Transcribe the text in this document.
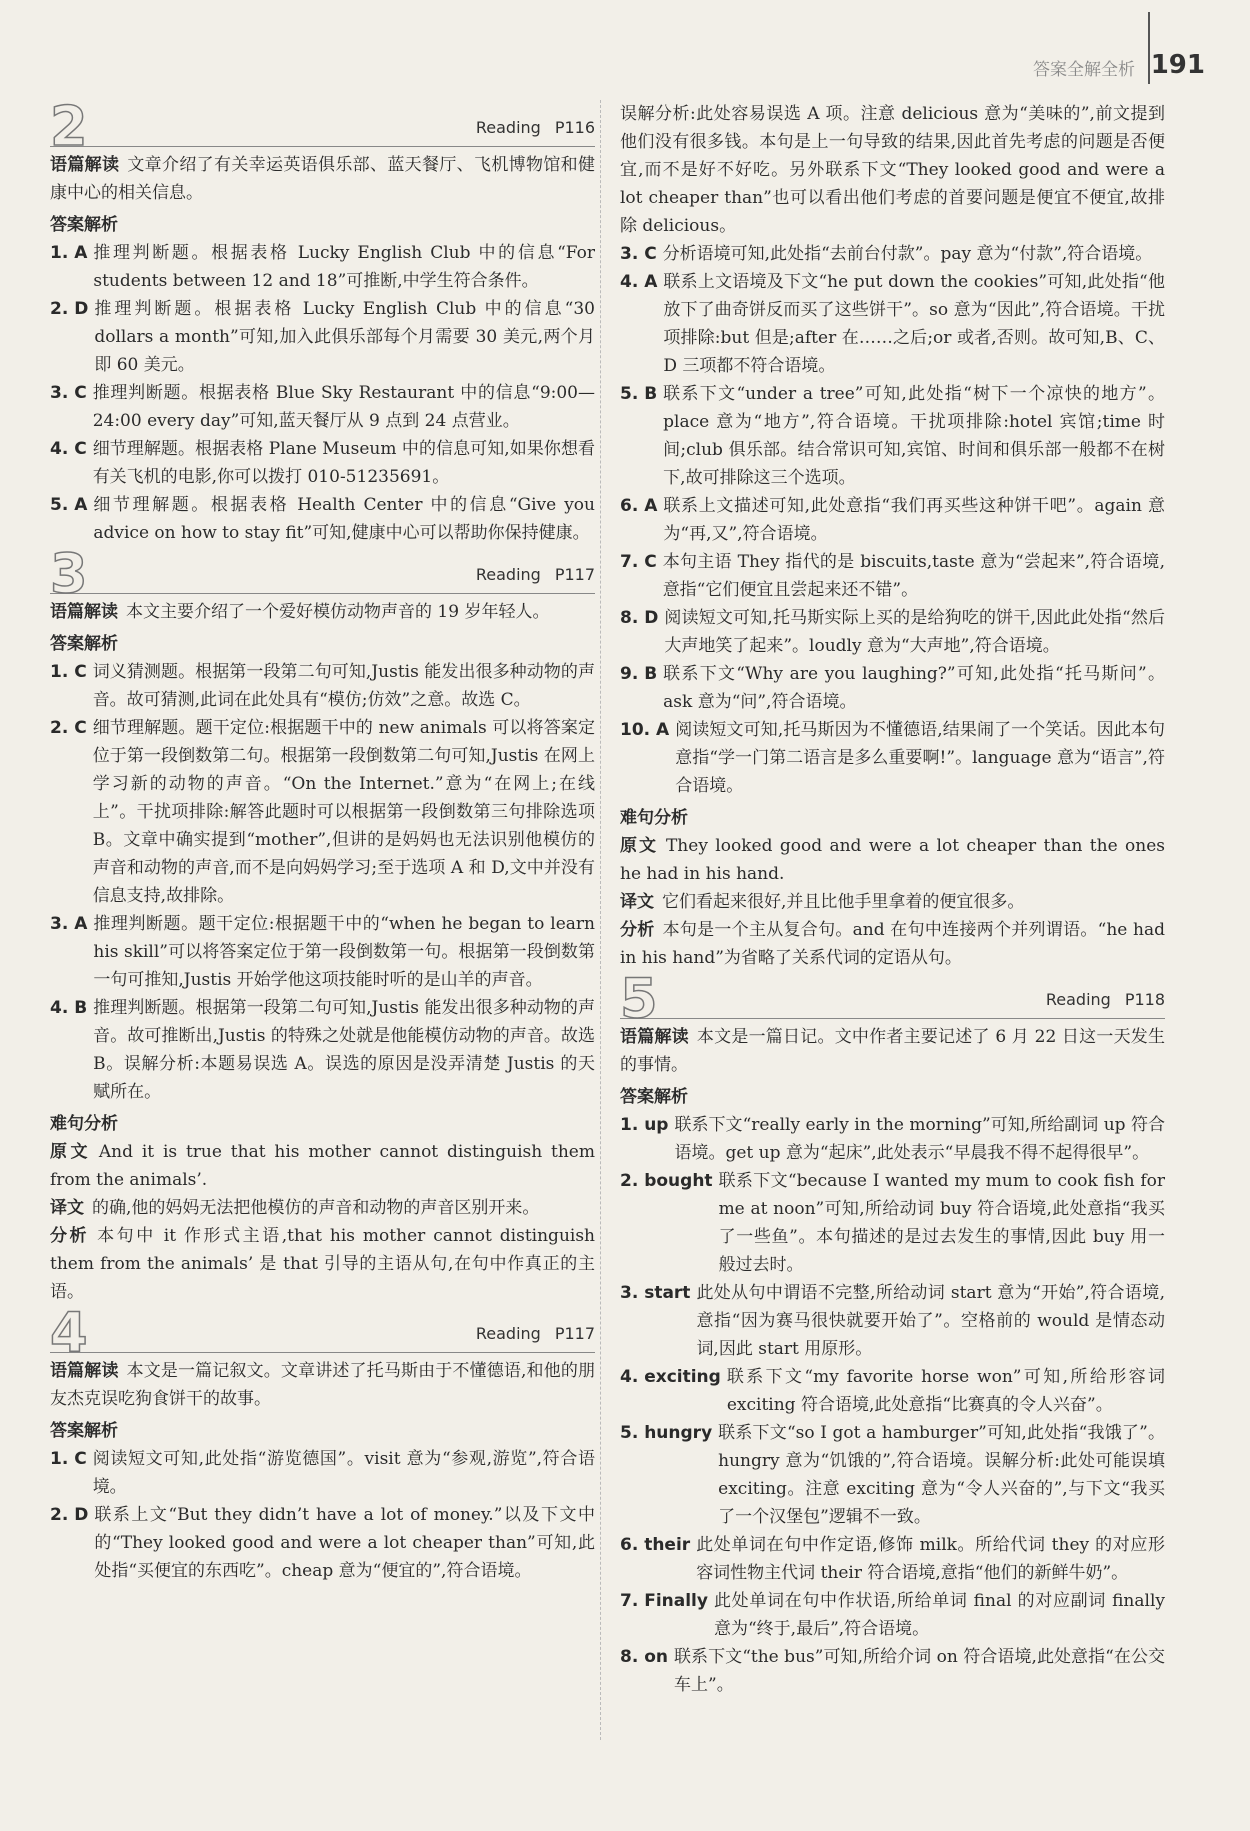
答案全解全析 191
2	Reading P116
语篇解读 文章介绍了有关幸运英语俱乐部、蓝天餐厅、飞机博物馆和健康中心的相关信息。
答案解析
1. A 推理判断题。根据表格 Lucky English Club 中的信息“For students between 12 and 18”可推断,中学生符合条件。
2. D 推理判断题。根据表格 Lucky English Club 中的信息“30 dollars a month”可知,加入此俱乐部每个月需要 30 美元,两个月即 60 美元。
3. C 推理判断题。根据表格 Blue Sky Restaurant 中的信息“9:00—24:00 every day”可知,蓝天餐厅从 9 点到 24 点营业。
4. C 细节理解题。根据表格 Plane Museum 中的信息可知,如果你想看有关飞机的电影,你可以拨打 010-51235691。
5. A 细节理解题。根据表格 Health Center 中的信息“Give you advice on how to stay fit”可知,健康中心可以帮助你保持健康。
3	Reading P117
语篇解读 本文主要介绍了一个爱好模仿动物声音的 19 岁年轻人。
答案解析
1. C 词义猜测题。根据第一段第二句可知,Justis 能发出很多种动物的声音。故可猜测,此词在此处具有“模仿;仿效”之意。故选 C。
2. C 细节理解题。题干定位:根据题干中的 new animals 可以将答案定位于第一段倒数第二句。根据第一段倒数第二句可知,Justis 在网上学习新的动物的声音。“On the Internet.”意为“在网上;在线上”。干扰项排除:解答此题时可以根据第一段倒数第三句排除选项 B。文章中确实提到“mother”,但讲的是妈妈也无法识别他模仿的声音和动物的声音,而不是向妈妈学习;至于选项 A 和 D,文中并没有信息支持,故排除。
3. A 推理判断题。题干定位:根据题干中的“when he began to learn his skill”可以将答案定位于第一段倒数第一句。根据第一段倒数第一句可推知,Justis 开始学他这项技能时听的是山羊的声音。
4. B 推理判断题。根据第一段第二句可知,Justis 能发出很多种动物的声音。故可推断出,Justis 的特殊之处就是他能模仿动物的声音。故选 B。误解分析:本题易误选 A。误选的原因是没弄清楚 Justis 的天赋所在。
难句分析
原文 And it is true that his mother cannot distinguish them from the animals’.
译文 的确,他的妈妈无法把他模仿的声音和动物的声音区别开来。
分析 本句中 it 作形式主语,that his mother cannot distinguish them from the animals’ 是 that 引导的主语从句,在句中作真正的主语。
4	Reading P117
语篇解读 本文是一篇记叙文。文章讲述了托马斯由于不懂德语,和他的朋友杰克误吃狗食饼干的故事。
答案解析
1. C 阅读短文可知,此处指“游览德国”。visit 意为“参观,游览”,符合语境。
2. D 联系上文“But they didn’t have a lot of money.”以及下文中的“They looked good and were a lot cheaper than”可知,此处指“买便宜的东西吃”。cheap 意为“便宜的”,符合语境。
误解分析:此处容易误选 A 项。注意 delicious 意为“美味的”,前文提到他们没有很多钱。本句是上一句导致的结果,因此首先考虑的问题是否便宜,而不是好不好吃。另外联系下文“They looked good and were a lot cheaper than”也可以看出他们考虑的首要问题是便宜不便宜,故排除 delicious。
3. C 分析语境可知,此处指“去前台付款”。pay 意为“付款”,符合语境。
4. A 联系上文语境及下文“he put down the cookies”可知,此处指“他放下了曲奇饼反而买了这些饼干”。so 意为“因此”,符合语境。干扰项排除:but 但是;after 在……之后;or 或者,否则。故可知,B、C、D 三项都不符合语境。
5. B 联系下文“under a tree”可知,此处指“树下一个凉快的地方”。place 意为“地方”,符合语境。干扰项排除:hotel 宾馆;time 时间;club 俱乐部。结合常识可知,宾馆、时间和俱乐部一般都不在树下,故可排除这三个选项。
6. A 联系上文描述可知,此处意指“我们再买些这种饼干吧”。again 意为“再,又”,符合语境。
7. C 本句主语 They 指代的是 biscuits,taste 意为“尝起来”,符合语境,意指“它们便宜且尝起来还不错”。
8. D 阅读短文可知,托马斯实际上买的是给狗吃的饼干,因此此处指“然后大声地笑了起来”。loudly 意为“大声地”,符合语境。
9. B 联系下文“Why are you laughing?”可知,此处指“托马斯问”。ask 意为“问”,符合语境。
10. A 阅读短文可知,托马斯因为不懂德语,结果闹了一个笑话。因此本句意指“学一门第二语言是多么重要啊!”。language 意为“语言”,符合语境。
难句分析
原文 They looked good and were a lot cheaper than the ones he had in his hand.
译文 它们看起来很好,并且比他手里拿着的便宜很多。
分析 本句是一个主从复合句。and 在句中连接两个并列谓语。“he had in his hand”为省略了关系代词的定语从句。
5	Reading P118
语篇解读 本文是一篇日记。文中作者主要记述了 6 月 22 日这一天发生的事情。
答案解析
1. up 联系下文“really early in the morning”可知,所给副词 up 符合语境。get up 意为“起床”,此处表示“早晨我不得不起得很早”。
2. bought 联系下文“because I wanted my mum to cook fish for me at noon”可知,所给动词 buy 符合语境,此处意指“我买了一些鱼”。本句描述的是过去发生的事情,因此 buy 用一般过去时。
3. start 此处从句中谓语不完整,所给动词 start 意为“开始”,符合语境,意指“因为赛马很快就要开始了”。空格前的 would 是情态动词,因此 start 用原形。
4. exciting 联系下文“my favorite horse won”可知,所给形容词 exciting 符合语境,此处意指“比赛真的令人兴奋”。
5. hungry 联系下文“so I got a hamburger”可知,此处指“我饿了”。hungry 意为“饥饿的”,符合语境。误解分析:此处可能误填 exciting。注意 exciting 意为“令人兴奋的”,与下文“我买了一个汉堡包”逻辑不一致。
6. their 此处单词在句中作定语,修饰 milk。所给代词 they 的对应形容词性物主代词 their 符合语境,意指“他们的新鲜牛奶”。
7. Finally 此处单词在句中作状语,所给单词 final 的对应副词 finally 意为“终于,最后”,符合语境。
8. on 联系下文“the bus”可知,所给介词 on 符合语境,此处意指“在公交车上”。
